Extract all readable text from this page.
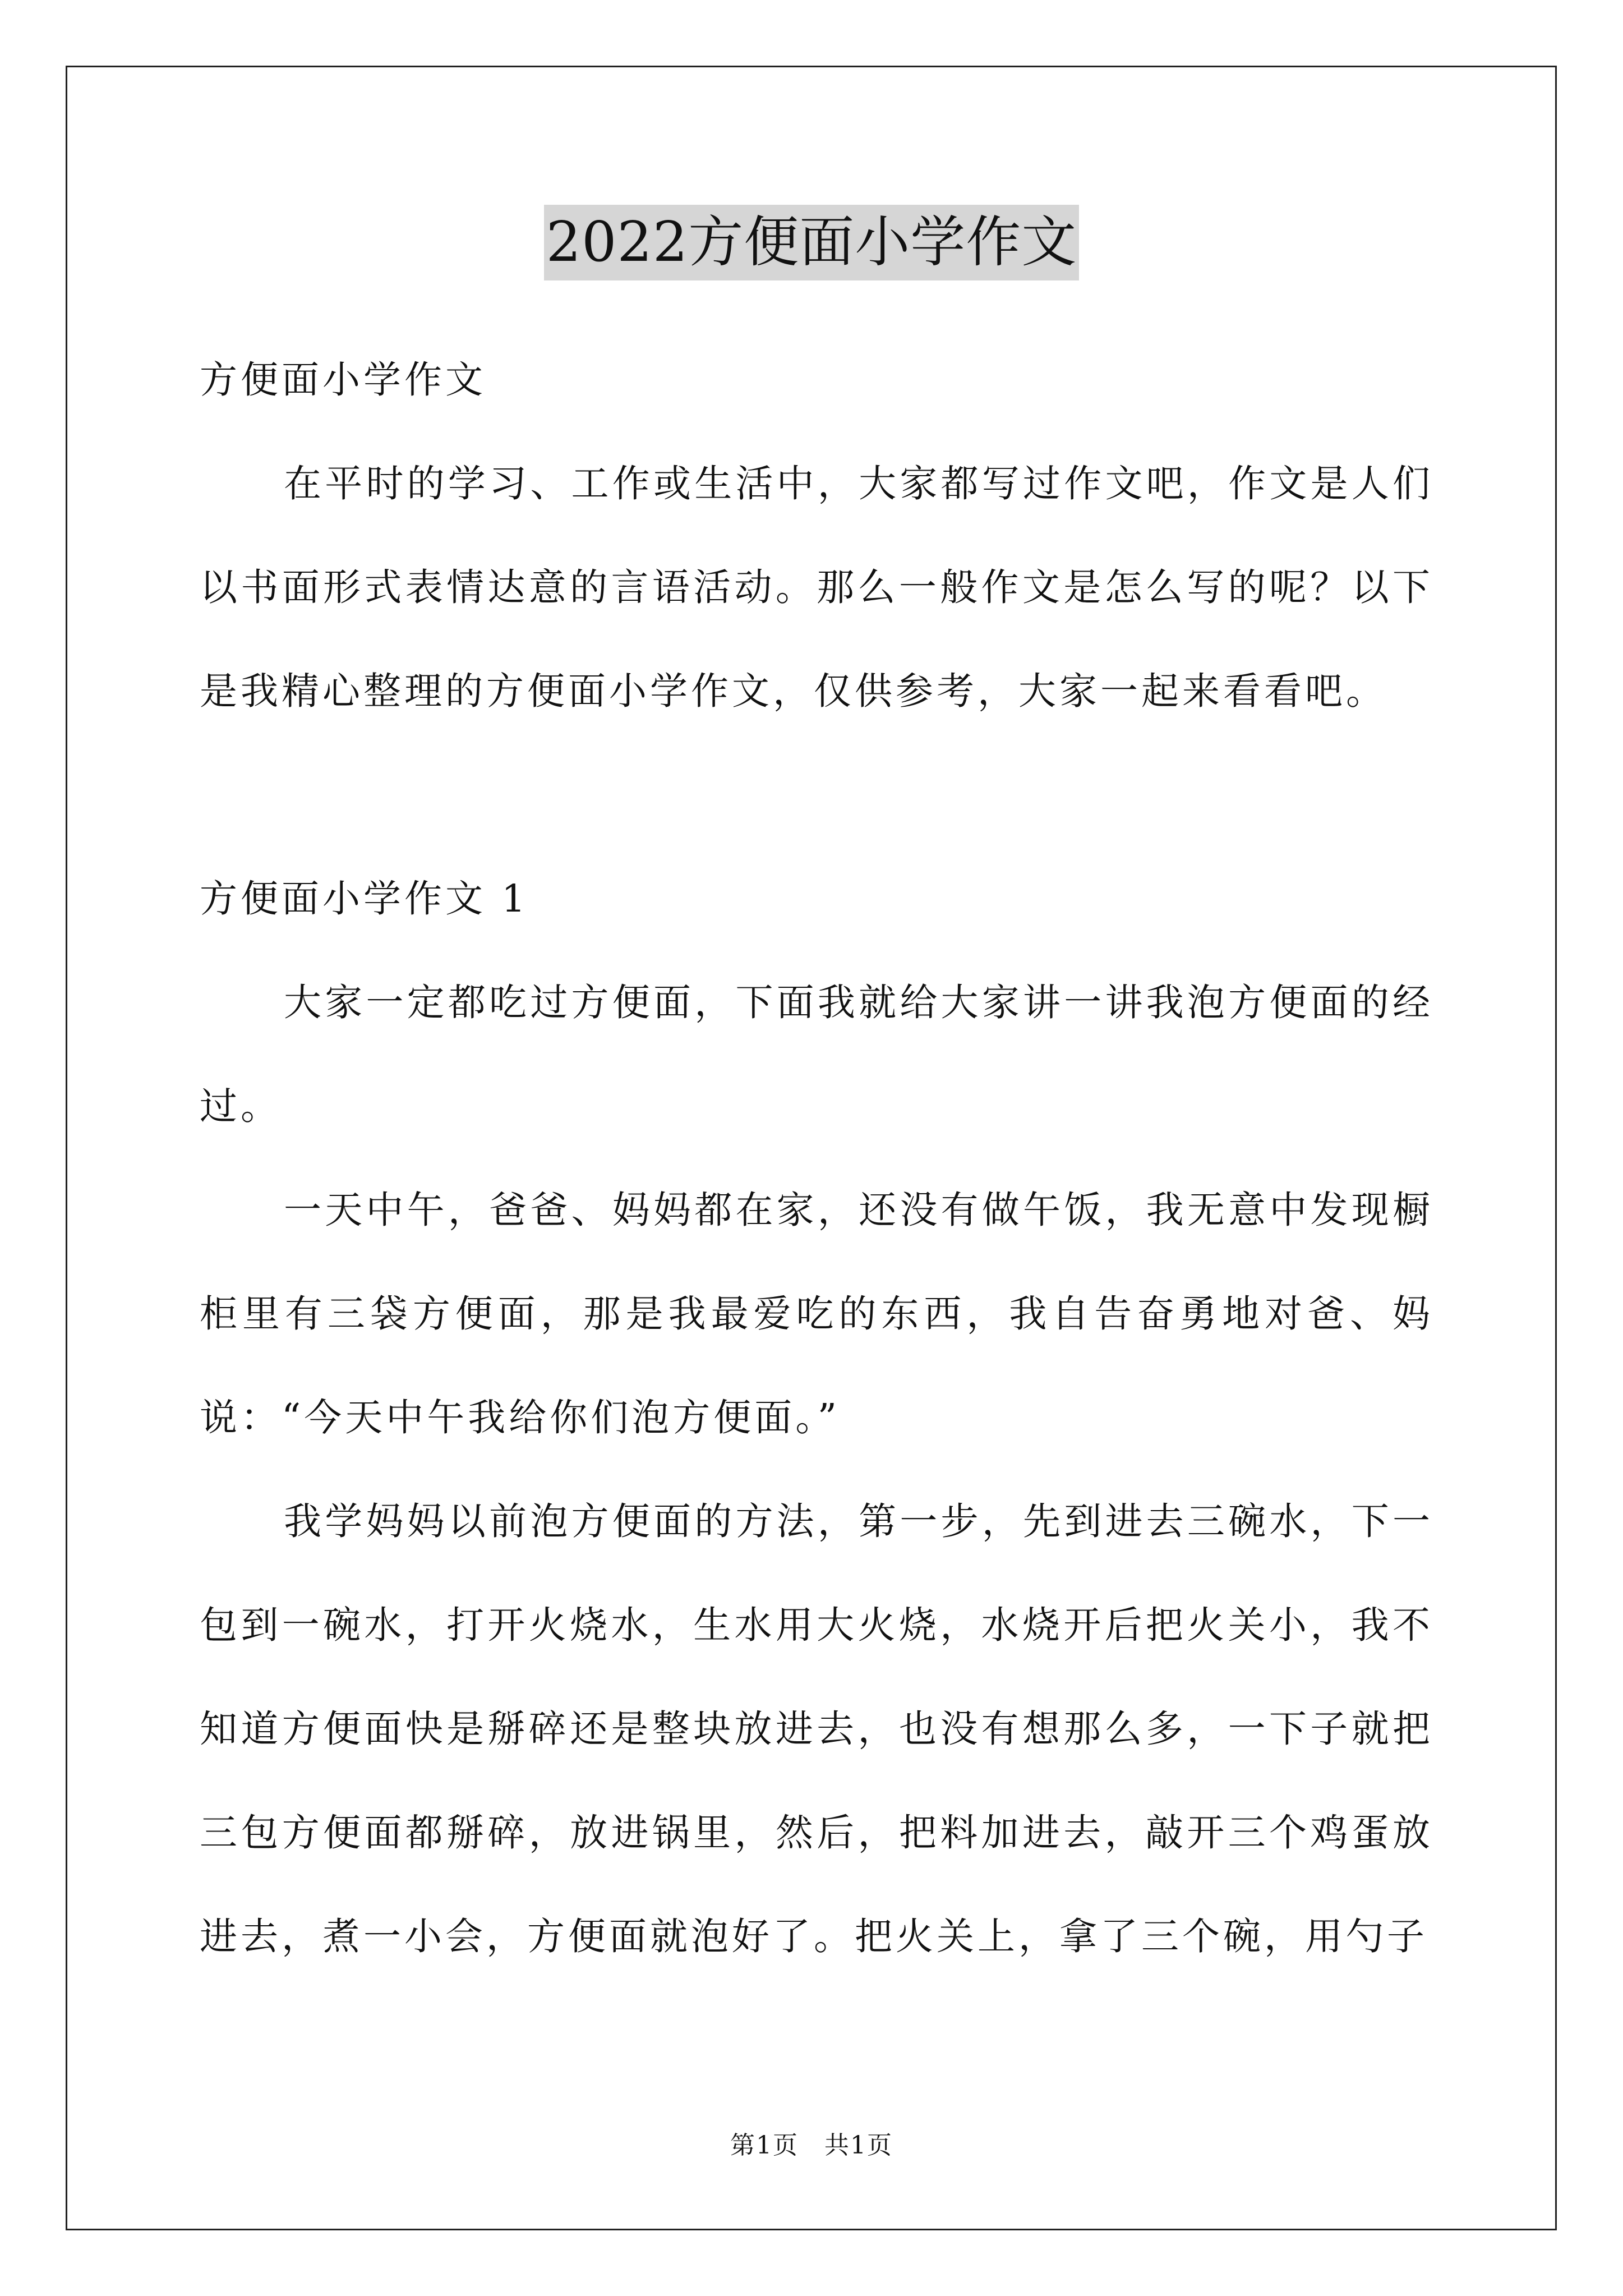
2022方便面小学作文

方便面小学作文

在平时的学习、工作或生活中，大家都写过作文吧，作文是人们以书面形式表情达意的言语活动。那么一般作文是怎么写的呢？以下是我精心整理的方便面小学作文，仅供参考，大家一起来看看吧。

方便面小学作文 1

大家一定都吃过方便面，下面我就给大家讲一讲我泡方便面的经过。

一天中午，爸爸、妈妈都在家，还没有做午饭，我无意中发现橱柜里有三袋方便面，那是我最爱吃的东西，我自告奋勇地对爸、妈说：“今天中午我给你们泡方便面。”

我学妈妈以前泡方便面的方法，第一步，先到进去三碗水，下一包到一碗水，打开火烧水，生水用大火烧，水烧开后把火关小，我不知道方便面快是掰碎还是整块放进去，也没有想那么多，一下子就把三包方便面都掰碎，放进锅里，然后，把料加进去，敲开三个鸡蛋放进去，煮一小会，方便面就泡好了。把火关上，拿了三个碗，用勺子

第1页　共1页
